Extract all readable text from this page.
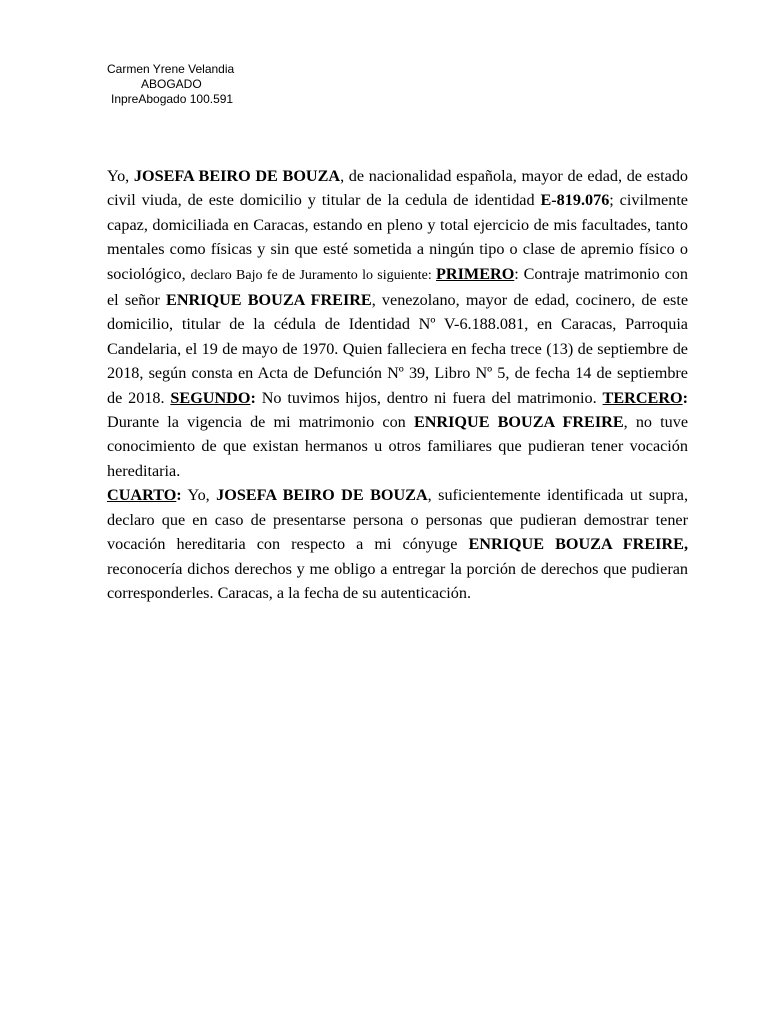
Carmen Yrene Velandia
ABOGADO
InpreAbogado 100.591

Yo, JOSEFA BEIRO DE BOUZA, de nacionalidad española, mayor de edad, de estado civil viuda, de este domicilio y titular de la cedula de identidad E-819.076; civilmente capaz, domiciliada en Caracas, estando en pleno y total ejercicio de mis facultades, tanto mentales como físicas y sin que esté sometida a ningún tipo o clase de apremio físico o sociológico, declaro Bajo fe de Juramento lo siguiente: PRIMERO: Contraje matrimonio con el señor ENRIQUE BOUZA FREIRE, venezolano, mayor de edad, cocinero, de este domicilio, titular de la cédula de Identidad Nº V-6.188.081, en Caracas, Parroquia Candelaria, el 19 de mayo de 1970. Quien falleciera en fecha trece (13) de septiembre de 2018, según consta en Acta de Defunción Nº 39, Libro Nº 5, de fecha 14 de septiembre de 2018. SEGUNDO: No tuvimos hijos, dentro ni fuera del matrimonio. TERCERO: Durante la vigencia de mi matrimonio con ENRIQUE BOUZA FREIRE, no tuve conocimiento de que existan hermanos u otros familiares que pudieran tener vocación hereditaria.

CUARTO: Yo, JOSEFA BEIRO DE BOUZA, suficientemente identificada ut supra, declaro que en caso de presentarse persona o personas que pudieran demostrar tener vocación hereditaria con respecto a mi cónyuge ENRIQUE BOUZA FREIRE, reconocería dichos derechos y me obligo a entregar la porción de derechos que pudieran corresponderles. Caracas, a la fecha de su autenticación.
